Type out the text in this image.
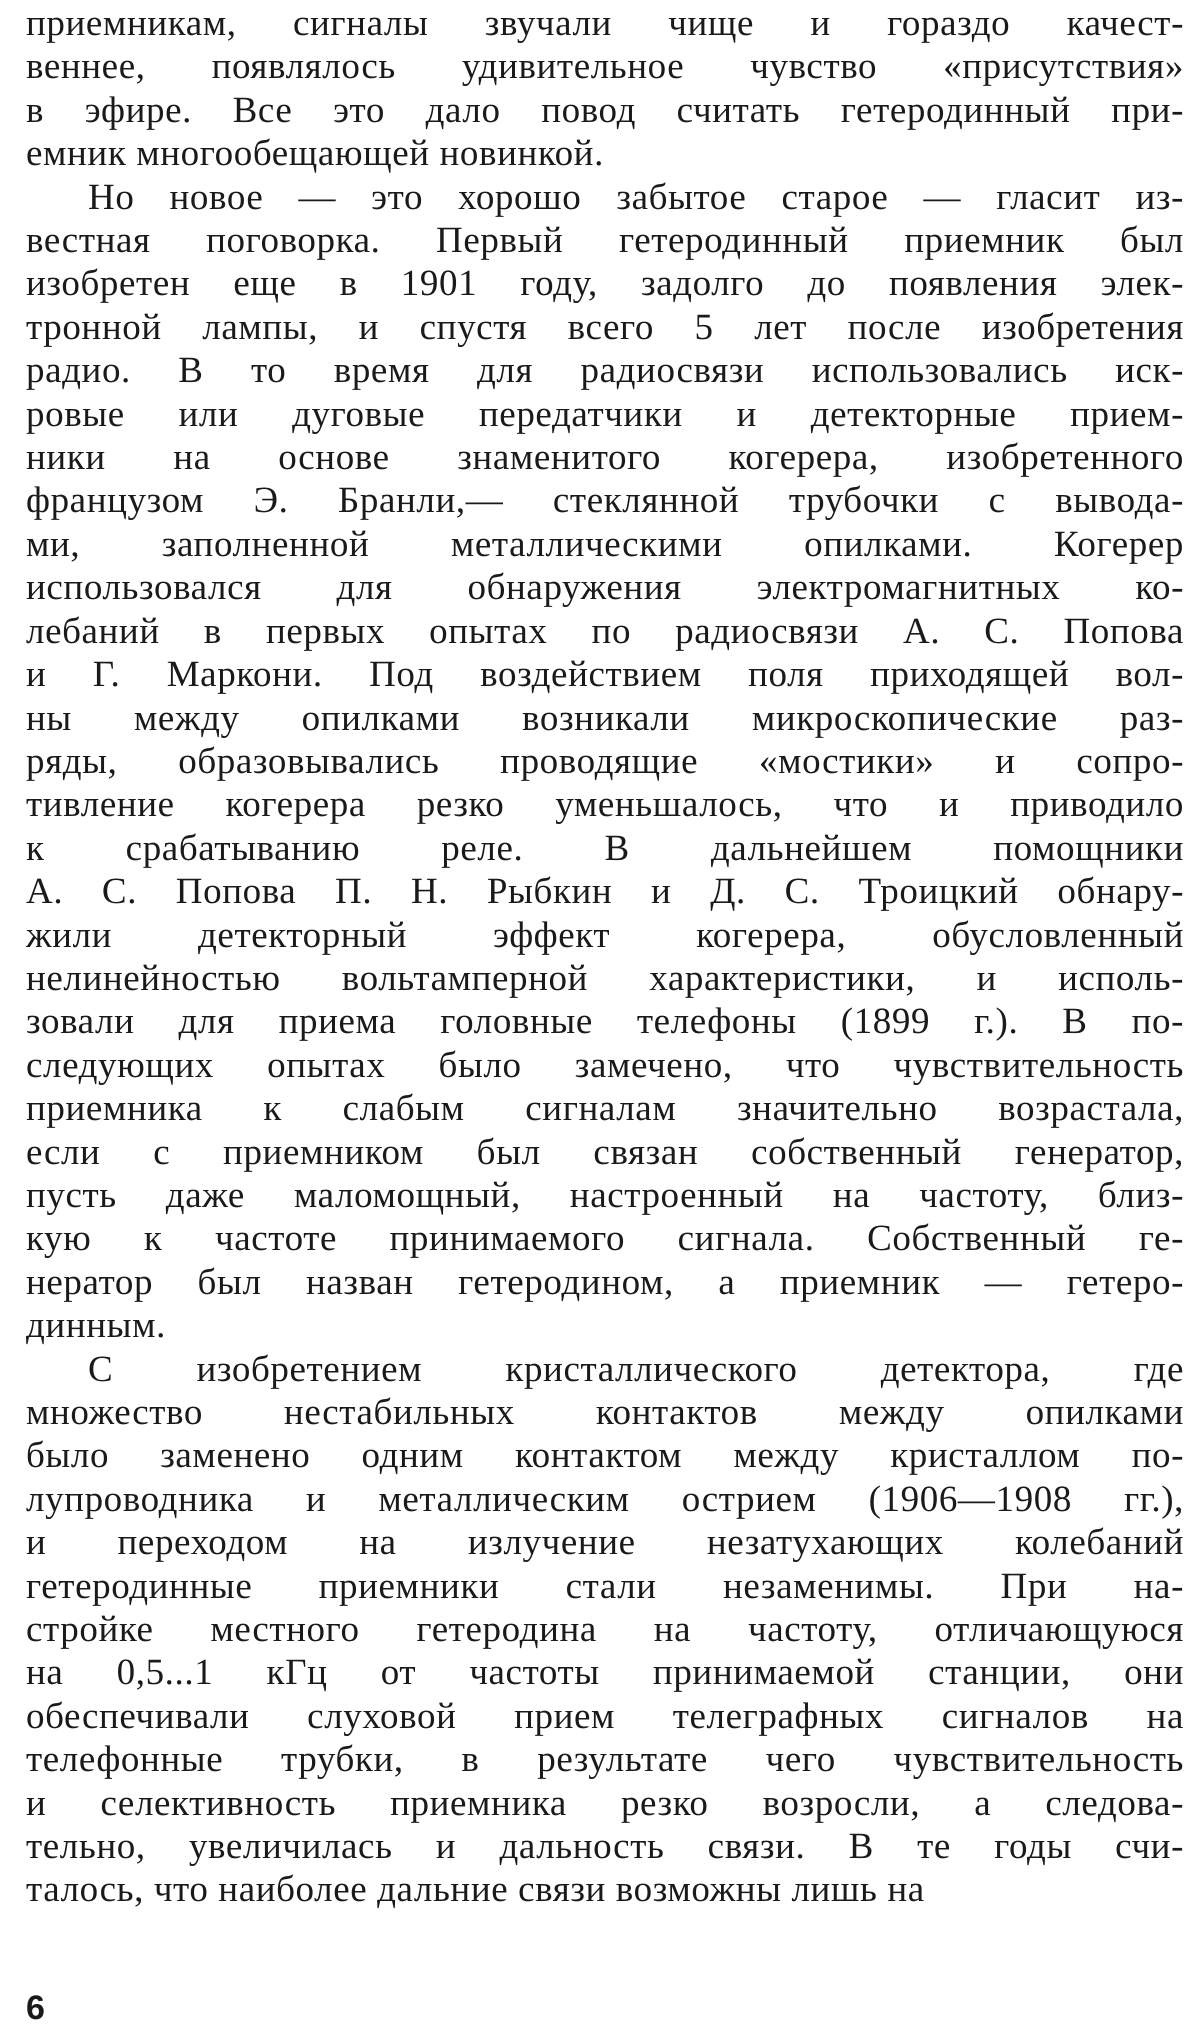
приемникам, сигналы звучали чище и гораздо качест-
веннее, появлялось удивительное чувство «присутствия»
в эфире. Все это дало повод считать гетеродинный при-
емник многообещающей новинкой.

Но новое — это хорошо забытое старое — гласит из-
вестная поговорка. Первый гетеродинный приемник был
изобретен еще в 1901 году, задолго до появления элек-
тронной лампы, и спустя всего 5 лет после изобретения
радио. В то время для радиосвязи использовались иск-
ровые или дуговые передатчики и детекторные прием-
ники на основе знаменитого когерера, изобретенного
французом Э. Бранли,— стеклянной трубочки с вывода-
ми, заполненной металлическими опилками. Когерер
использовался для обнаружения электромагнитных ко-
лебаний в первых опытах по радиосвязи А. С. Попова
и Г. Маркони. Под воздействием поля приходящей вол-
ны между опилками возникали микроскопические раз-
ряды, образовывались проводящие «мостики» и сопро-
тивление когерера резко уменьшалось, что и приводило
к срабатыванию реле. В дальнейшем помощники
А. С. Попова П. Н. Рыбкин и Д. С. Троицкий обнару-
жили детекторный эффект когерера, обусловленный
нелинейностью вольтамперной характеристики, и исполь-
зовали для приема головные телефоны (1899 г.). В по-
следующих опытах было замечено, что чувствительность
приемника к слабым сигналам значительно возрастала,
если с приемником был связан собственный генератор,
пусть даже маломощный, настроенный на частоту, близ-
кую к частоте принимаемого сигнала. Собственный ге-
нератор был назван гетеродином, а приемник — гетеро-
динным.

С изобретением кристаллического детектора, где
множество нестабильных контактов между опилками
было заменено одним контактом между кристаллом по-
лупроводника и металлическим острием (1906—1908 гг.),
и переходом на излучение незатухающих колебаний
гетеродинные приемники стали незаменимы. При на-
стройке местного гетеродина на частоту, отличающуюся
на 0,5...1 кГц от частоты принимаемой станции, они
обеспечивали слуховой прием телеграфных сигналов на
телефонные трубки, в результате чего чувствительность
и селективность приемника резко возросли, а следова-
тельно, увеличилась и дальность связи. В те годы счи-
талось, что наиболее дальние связи возможны лишь на

6
